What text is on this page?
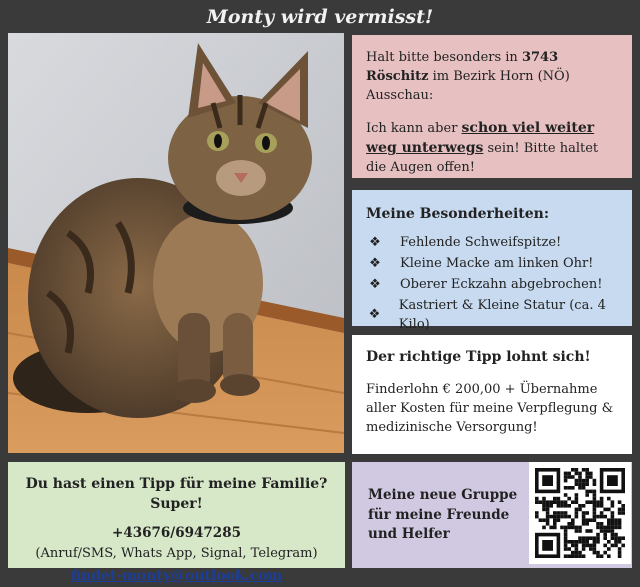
Monty wird vermisst!
Halt bitte besonders in 3743 Röschitz im Bezirk Horn (NÖ) Ausschau:
Ich kann aber schon viel weiter weg unterwegs sein! Bitte haltet die Augen offen!
Meine Besonderheiten:
❖ Fehlende Schweifspitze!
❖ Kleine Macke am linken Ohr!
❖ Oberer Eckzahn abgebrochen!
❖
Kastriert & Kleine Statur (ca. 4 Kilo)
Der richtige Tipp lohnt sich!
Finderlohn € 200,00 + Übernahme aller Kosten für meine Verpflegung & medizinische Versorgung!
Du hast einen Tipp für meine Familie? Super!
+43676/6947285
(Anruf/SMS, Whats App, Signal, Telegram)
findet-monty@outlook.com
Meine neue Gruppe für meine Freunde und Helfer
